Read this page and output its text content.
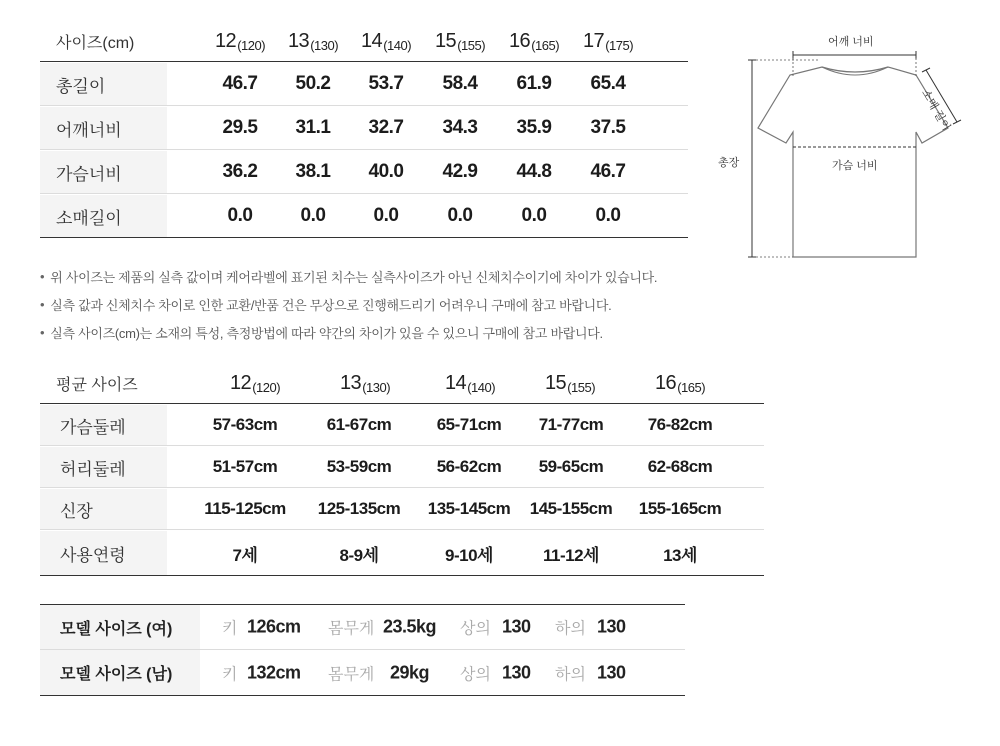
사이즈(cm)	12 (120) 13 (130) 14 (140) 15 (155) 16 (165) 17 (175)
총길이	46.7	50.2	53.7	58.4	61.9	65.4
어깨너비	29.5	31.1	32.7	34.3	35.9	37.5
가슴너비	36.2	38.1	40.0	42.9	44.8	46.7
소매길이	0.0	0.0	0.0	0.0	0.0	0.0
어깨 너비
소매 길이
총장	가슴 너비
• 위 사이즈는 제품의 실측 값이며 케어라벨에 표기된 치수는 실측사이즈가 아닌 신체치수이기에 차이가 있습니다.
• 실측 값과 신체치수 차이로 인한 교환/반품 건은 무상으로 진행해드리기 어려우니 구매에 참고 바랍니다.
• 실측 사이즈(cm)는 소재의 특성, 측정방법에 따라 약간의 차이가 있을 수 있으니 구매에 참고 바랍니다.
평균 사이즈	12 (120)	13 (130)	14 (140) 15 (155)	16 (165)
가슴둘레	57-63cm	61-67cm	65-71cm	71-77cm	76-82cm
허리둘레	51-57cm	53-59cm	56-62cm	59-65cm	62-68cm
신장	115-125cm	125-135cm	135-145cm	145-155cm	155-165cm
사용연령	7세	8-9세	9-10세	11-12세	13세
모델 사이즈 (여)	키 126cm 몸무게 23.5kg 상의 130 하의 130
모델 사이즈 (남)	키 132cm 몸무게 29kg 상의 130 하의 130
